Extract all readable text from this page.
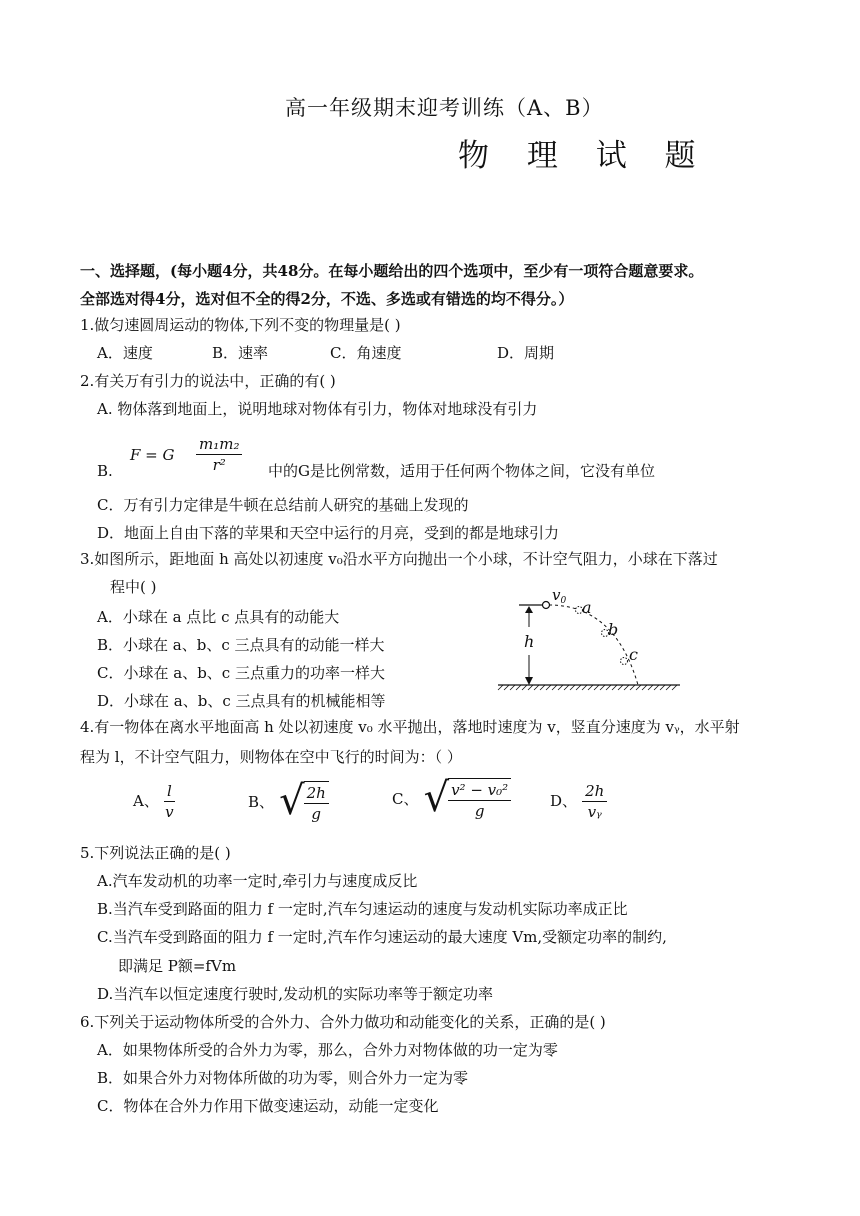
高一年级期末迎考训练（A、B）
物 理 试 题
一、选择题，(每小题4分，共48分。在每小题给出的四个选项中，至少有一项符合题意要求。
全部选对得4分，选对但不全的得2分，不选、多选或有错选的均不得分。）
1.做匀速圆周运动的物体,下列不变的物理量是( )
A．速度	B．速率	C．角速度	D．周期
2.有关万有引力的说法中，正确的有( )
A. 物体落到地面上，说明地球对物体有引力，物体对地球没有引力
B.
F = G $\frac{\text{m₁m₂}}{\text{r²}}$ 中的G是比例常数，适用于任何两个物体之间，它没有单位
C．万有引力定律是牛顿在总结前人研究的基础上发现的
D．地面上自由下落的苹果和天空中运行的月亮，受到的都是地球引力
3.如图所示，距地面 h 高处以初速度 v₀沿水平方向抛出一个小球，不计空气阻力，小球在下落过
程中( )
A．小球在 a 点比 c 点具有的动能大
B．小球在 a、b、c 三点具有的动能一样大
C．小球在 a、b、c 三点重力的功率一样大
D．小球在 a、b、c 三点具有的机械能相等
h
$v_0$ a
b
c
4.有一物体在离水平地面高 h 处以初速度 v₀ 水平抛出，落地时速度为 v，竖直分速度为 vᵧ，水平射
程为 l，不计空气阻力，则物体在空中飞行的时间为：（ ）
A、 $\frac{l}{v}$	B、 √ $\frac{2h}{g}$	C、 √ $\frac{\text{v² − v₀²}}{g}$	D、 $\frac{2h}{\text{vᵧ}}$
5.下列说法正确的是( )
A.汽车发动机的功率一定时,牵引力与速度成反比
B.当汽车受到路面的阻力 f 一定时,汽车匀速运动的速度与发动机实际功率成正比
C.当汽车受到路面的阻力 f 一定时,汽车作匀速运动的最大速度 Vm,受额定功率的制约,
即满足 P额=fVm
D.当汽车以恒定速度行驶时,发动机的实际功率等于额定功率
6.下列关于运动物体所受的合外力、合外力做功和动能变化的关系，正确的是( )
A．如果物体所受的合外力为零，那么，合外力对物体做的功一定为零
B．如果合外力对物体所做的功为零，则合外力一定为零
C．物体在合外力作用下做变速运动，动能一定变化
